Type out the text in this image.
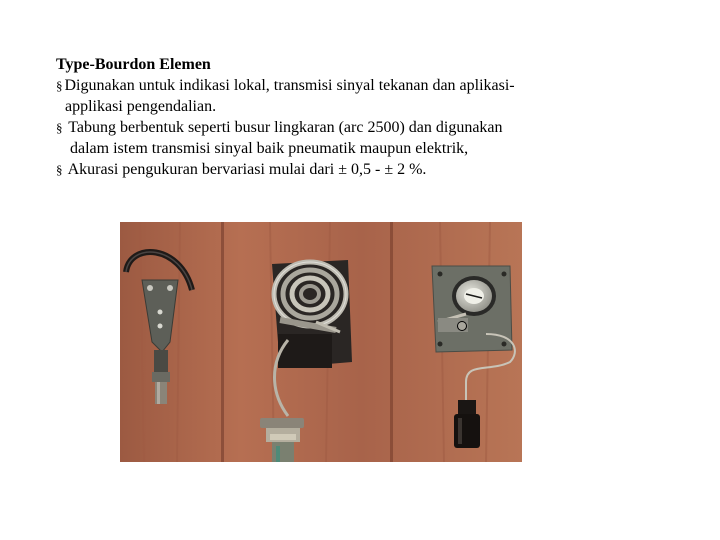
Type-Bourdon Elemen

§ Digunakan untuk indikasi lokal, transmisi sinyal tekanan dan aplikasi-

applikasi pengendalian.

§ Tabung berbentuk seperti busur lingkaran (arc 2500) dan digunakan

dalam istem transmisi sinyal baik pneumatik maupun elektrik,

§ Akurasi pengukuran bervariasi mulai dari ± 0,5 - ± 2 %.
